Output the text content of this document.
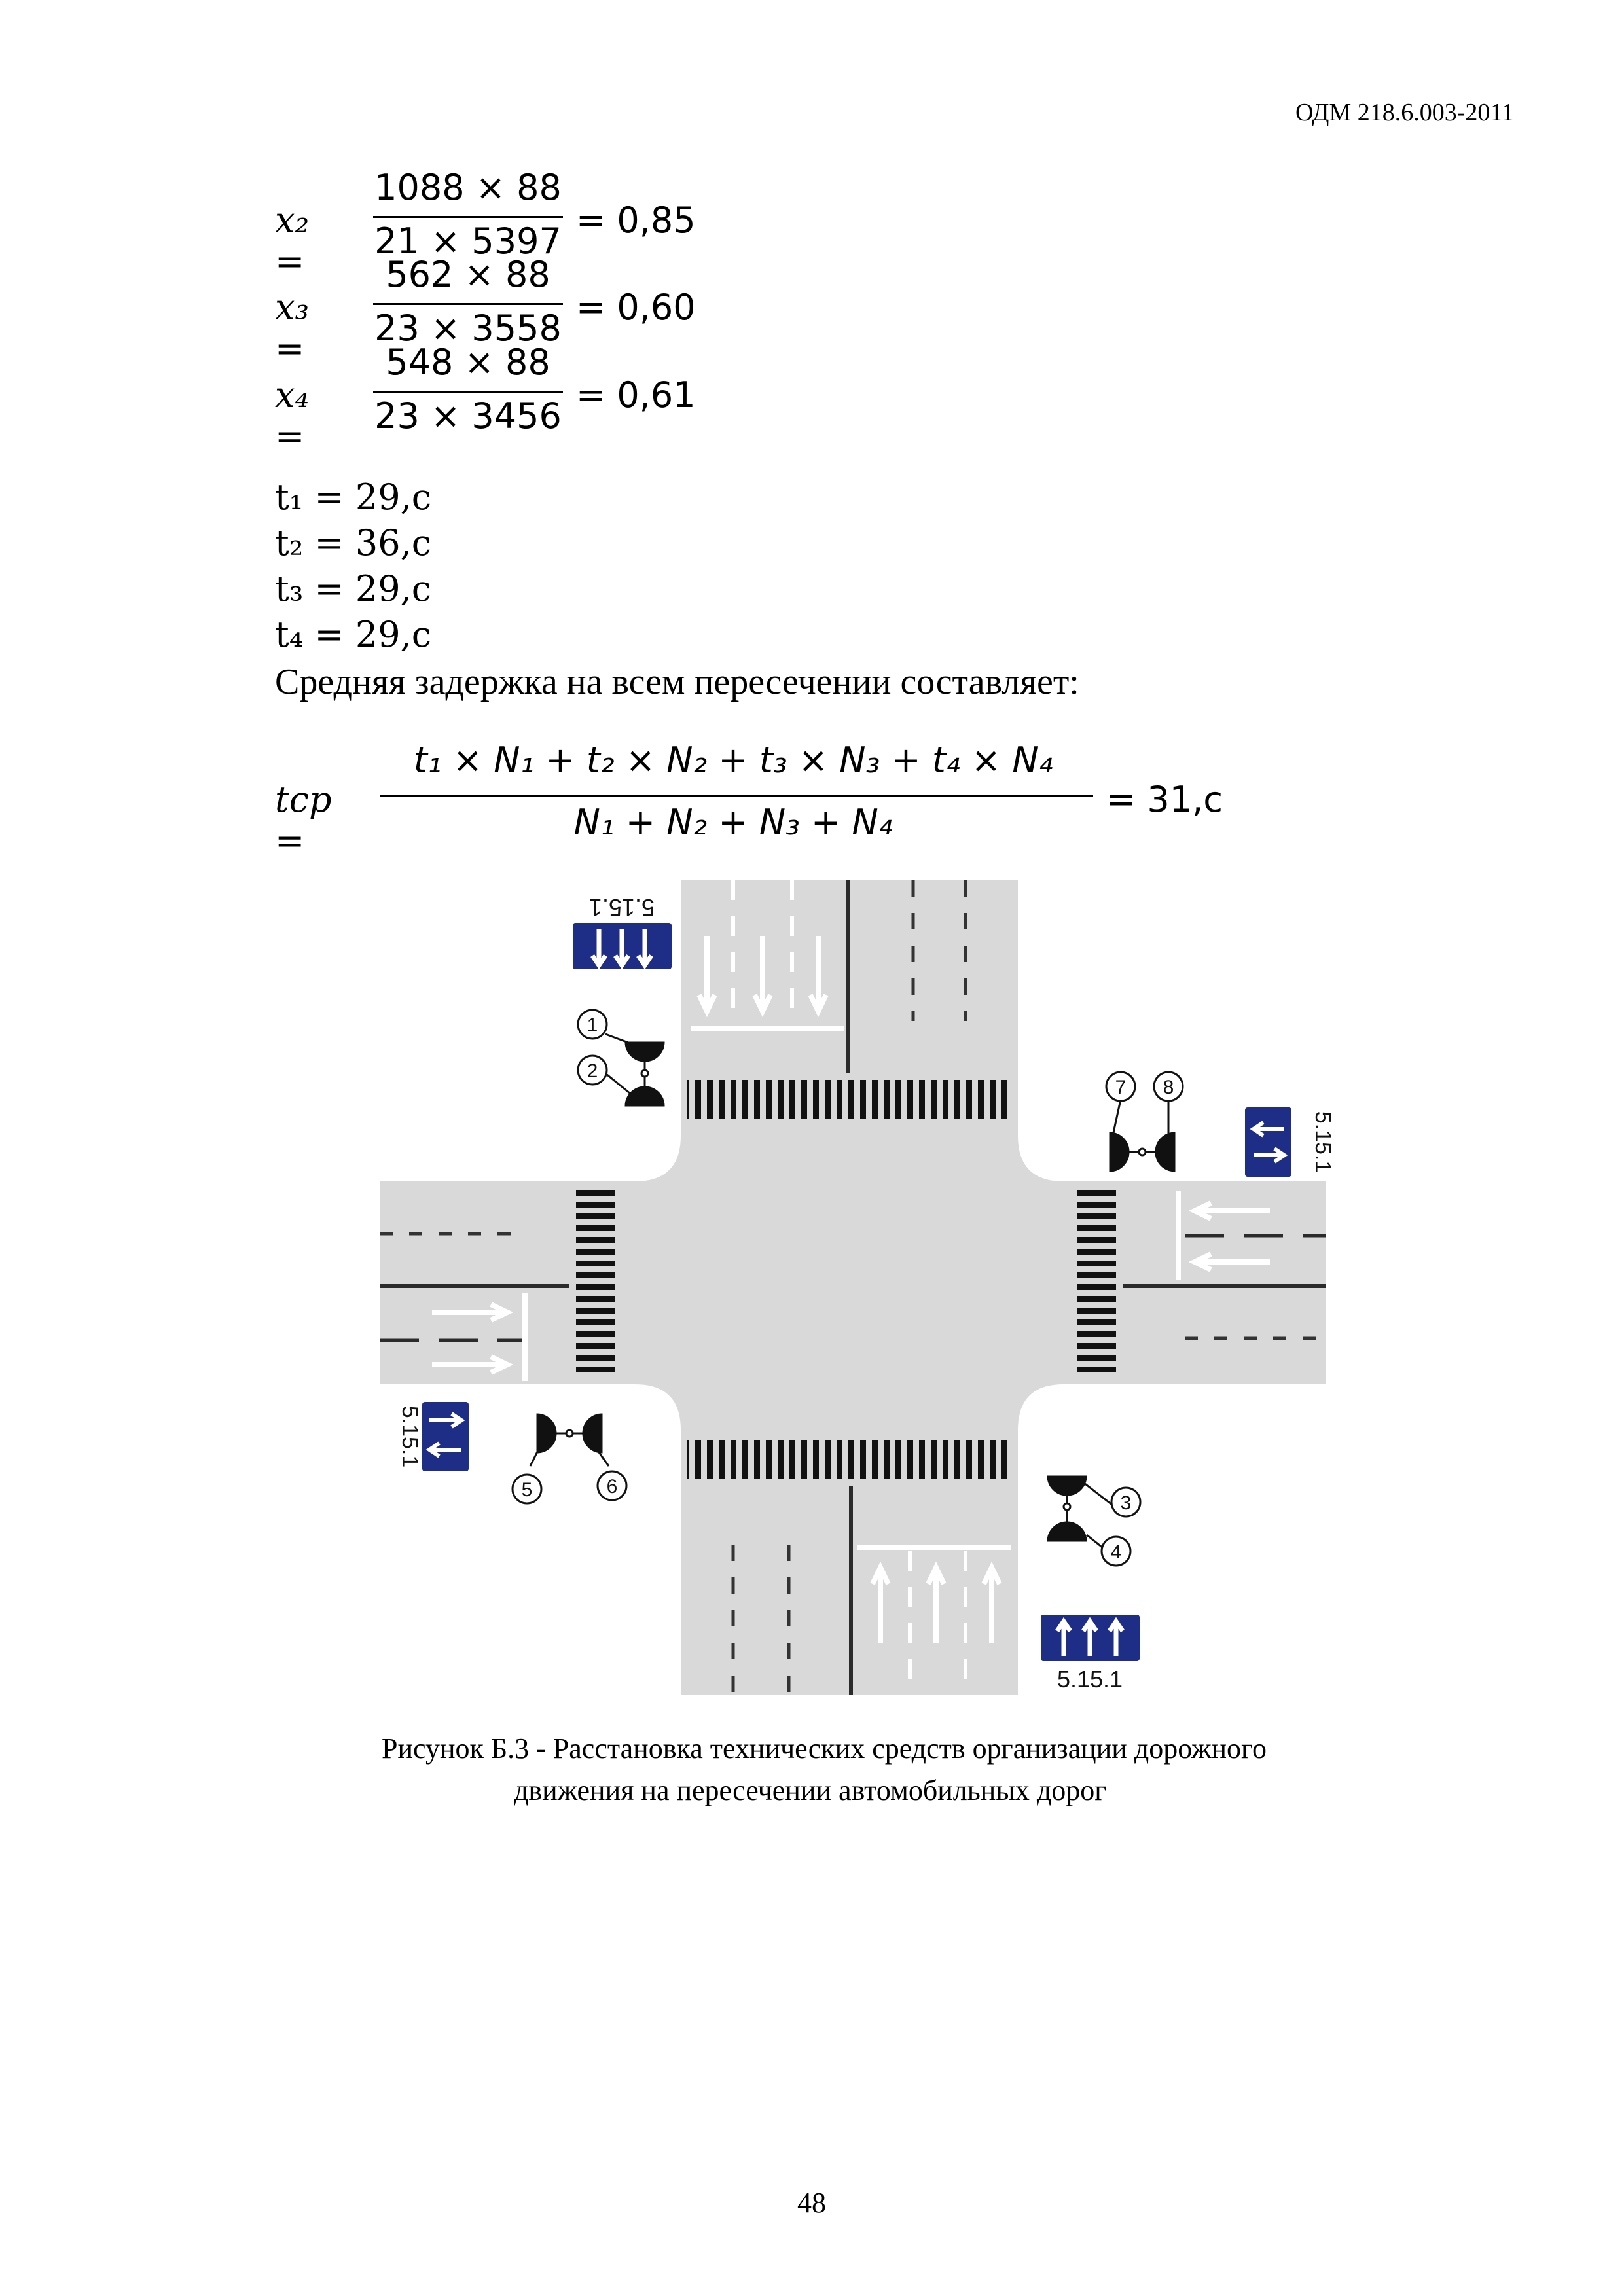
ОДМ 218.6.003-2011
x₂ =
1088 × 88
21 × 5397
= 0,85
x₃ =
562 × 88
23 × 3558
= 0,60
x₄ =
548 × 88
23 × 3456
= 0,61
t₁ = 29,c
t₂ = 36,c
t₃ = 29,c
t₄ = 29,c
Средняя задержка на всем пересечении составляет:
tср =
t₁ × N₁ + t₂ × N₂ + t₃ × N₃ + t₄ × N₄
N₁ + N₂ + N₃ + N₄
= 31,c
1
2
3
4
5	6
7 8
5.15.1
5.15.1
5.15.1
5.15.1
Рисунок Б.3 - Расстановка технических средств организации дорожного
движения на пересечении автомобильных дорог
48
